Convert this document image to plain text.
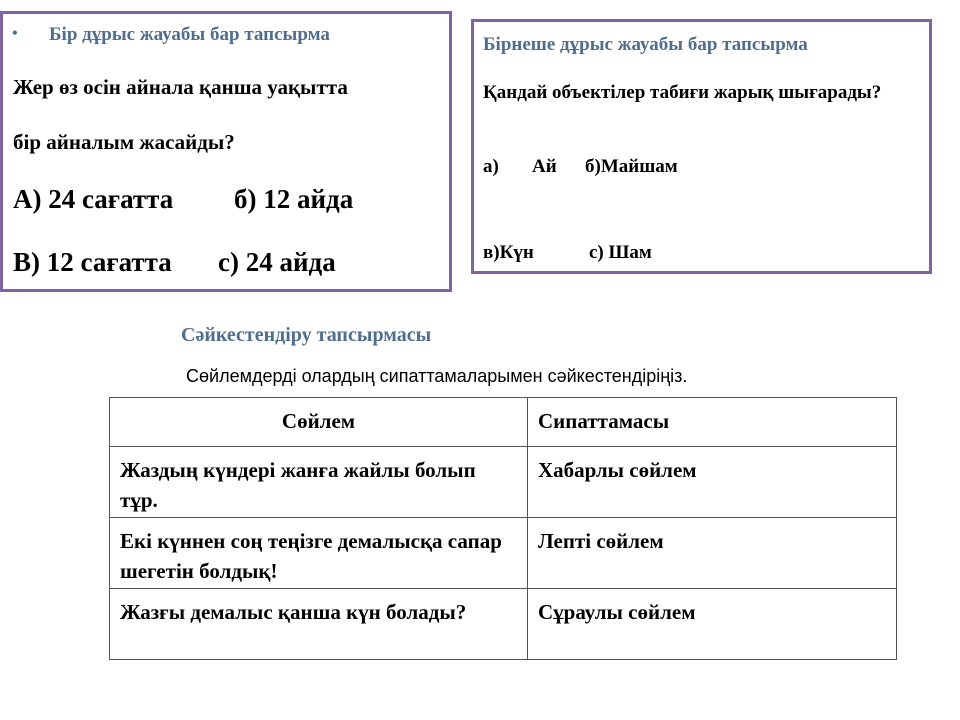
• Бір дұрыс жауабы бар тапсырма
Жер өз осін айнала қанша уақытта
бір айналым жасайды?
А) 24 сағатта б) 12 айда
В) 12 сағатта с) 24 айда
Бірнеше дұрыс жауабы бар тапсырма
Қандай объектілер табиғи жарық шығарады?
а) Ай б)Майшам
в)Күн	с) Шам
Сәйкестендіру тапсырмасы
Сөйлемдерді олардың сипаттамаларымен сәйкестендіріңіз.
Сөйлем	Сипаттамасы
Жаздың күндері жанға жайлы болып тұр.	Хабарлы сөйлем
Екі күннен соң теңізге демалысқа сапар шегетін болдық!	Лепті сөйлем
Жазғы демалыс қанша күн болады?	Сұраулы сөйлем
